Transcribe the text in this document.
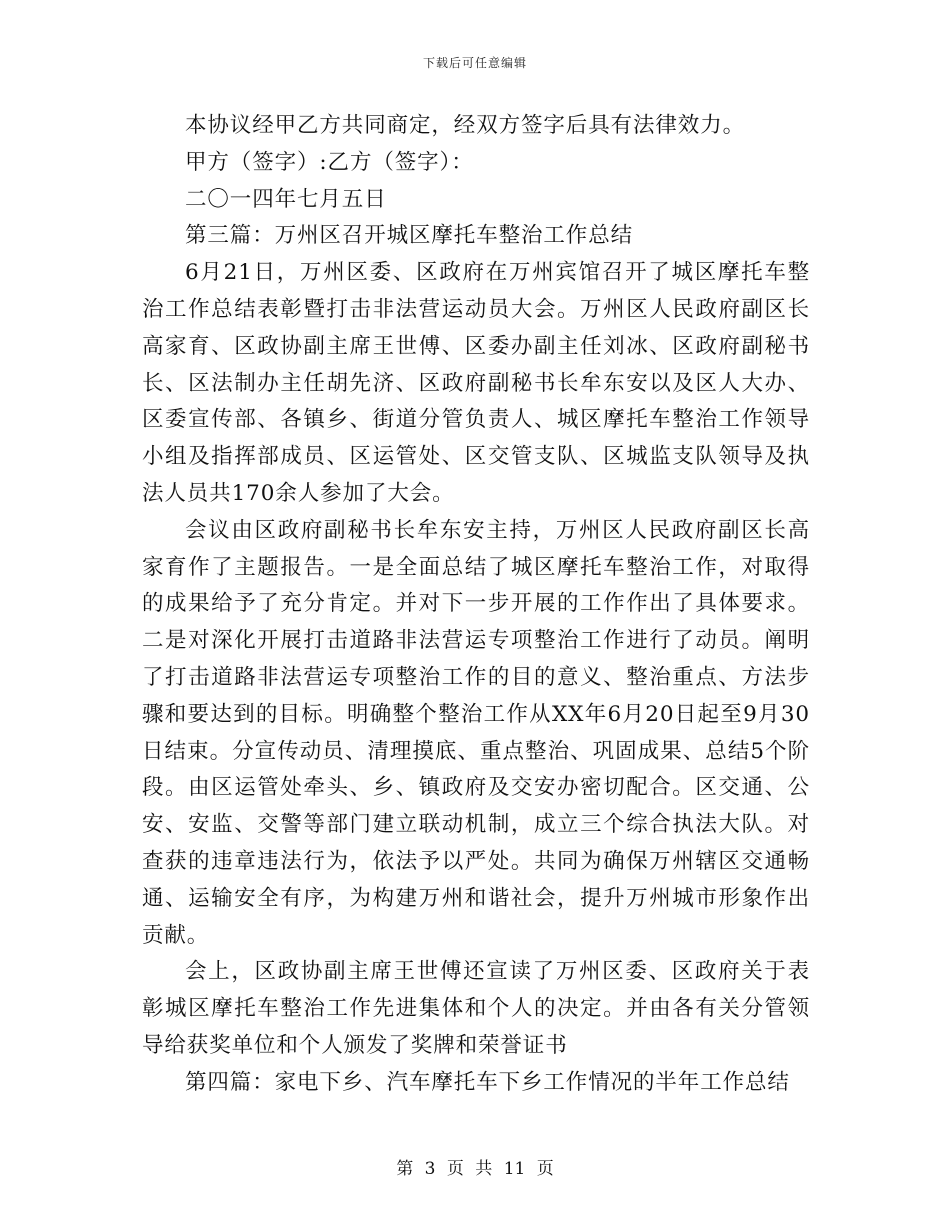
下载后可任意编辑

本协议经甲乙方共同商定，经双方签字后具有法律效力。

甲方（签字）:乙方（签字）：

二〇一四年七月五日

第三篇：万州区召开城区摩托车整治工作总结

6月21日，万州区委、区政府在万州宾馆召开了城区摩托车整治工作总结表彰暨打击非法营运动员大会。万州区人民政府副区长高家育、区政协副主席王世傅、区委办副主任刘冰、区政府副秘书长、区法制办主任胡先济、区政府副秘书长牟东安以及区人大办、区委宣传部、各镇乡、街道分管负责人、城区摩托车整治工作领导小组及指挥部成员、区运管处、区交管支队、区城监支队领导及执法人员共170余人参加了大会。

会议由区政府副秘书长牟东安主持，万州区人民政府副区长高家育作了主题报告。一是全面总结了城区摩托车整治工作，对取得的成果给予了充分肯定。并对下一步开展的工作作出了具体要求。二是对深化开展打击道路非法营运专项整治工作进行了动员。阐明了打击道路非法营运专项整治工作的目的意义、整治重点、方法步骤和要达到的目标。明确整个整治工作从XX年6月20日起至9月30日结束。分宣传动员、清理摸底、重点整治、巩固成果、总结5个阶段。由区运管处牵头、乡、镇政府及交安办密切配合。区交通、公安、安监、交警等部门建立联动机制，成立三个综合执法大队。对查获的违章违法行为，依法予以严处。共同为确保万州辖区交通畅通、运输安全有序，为构建万州和谐社会，提升万州城市形象作出贡献。

会上，区政协副主席王世傅还宣读了万州区委、区政府关于表彰城区摩托车整治工作先进集体和个人的决定。并由各有关分管领导给获奖单位和个人颁发了奖牌和荣誉证书

第四篇：家电下乡、汽车摩托车下乡工作情况的半年工作总结

第 3 页 共 11 页
